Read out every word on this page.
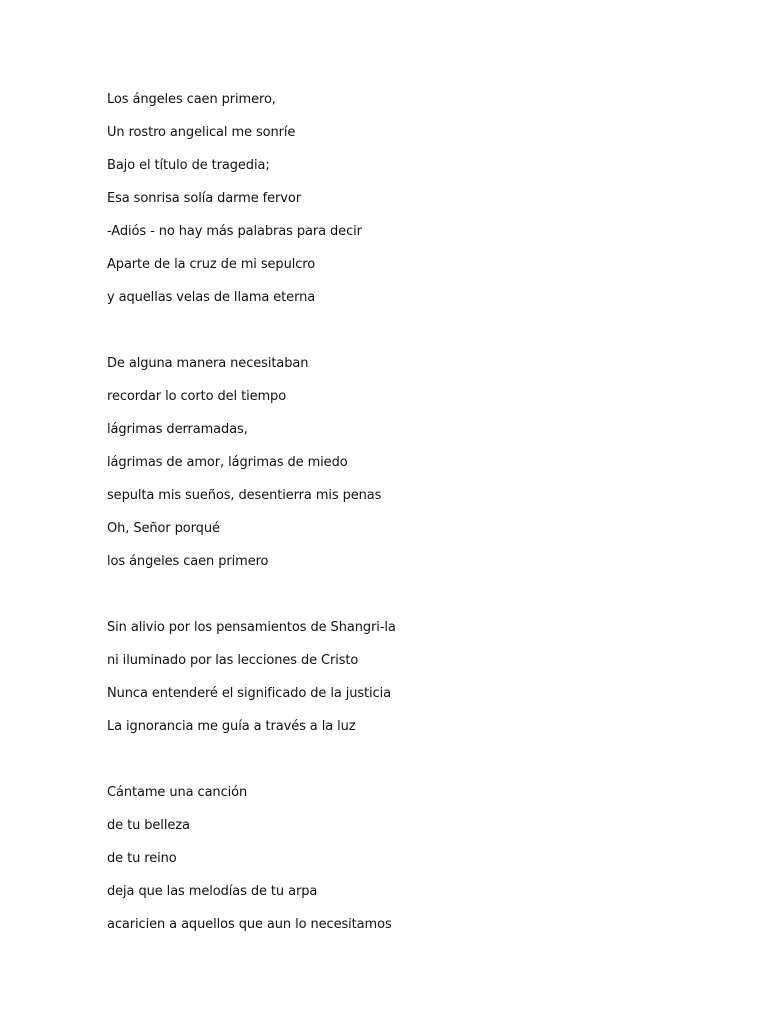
Los ángeles caen primero,
Un rostro angelical me sonríe
Bajo el título de tragedia;
Esa sonrisa solía darme fervor
-Adiós - no hay más palabras para decir
Aparte de la cruz de mi sepulcro
y aquellas velas de llama eterna
De alguna manera necesitaban
recordar lo corto del tiempo
lágrimas derramadas,
lágrimas de amor, lágrimas de miedo
sepulta mis sueños, desentierra mis penas
Oh, Señor porqué
los ángeles caen primero
Sin alivio por los pensamientos de Shangri-la
ni iluminado por las lecciones de Cristo
Nunca entenderé el significado de la justicia
La ignorancia me guía a través a la luz
Cántame una canción
de tu belleza
de tu reino
deja que las melodías de tu arpa
acaricien a aquellos que aun lo necesitamos
